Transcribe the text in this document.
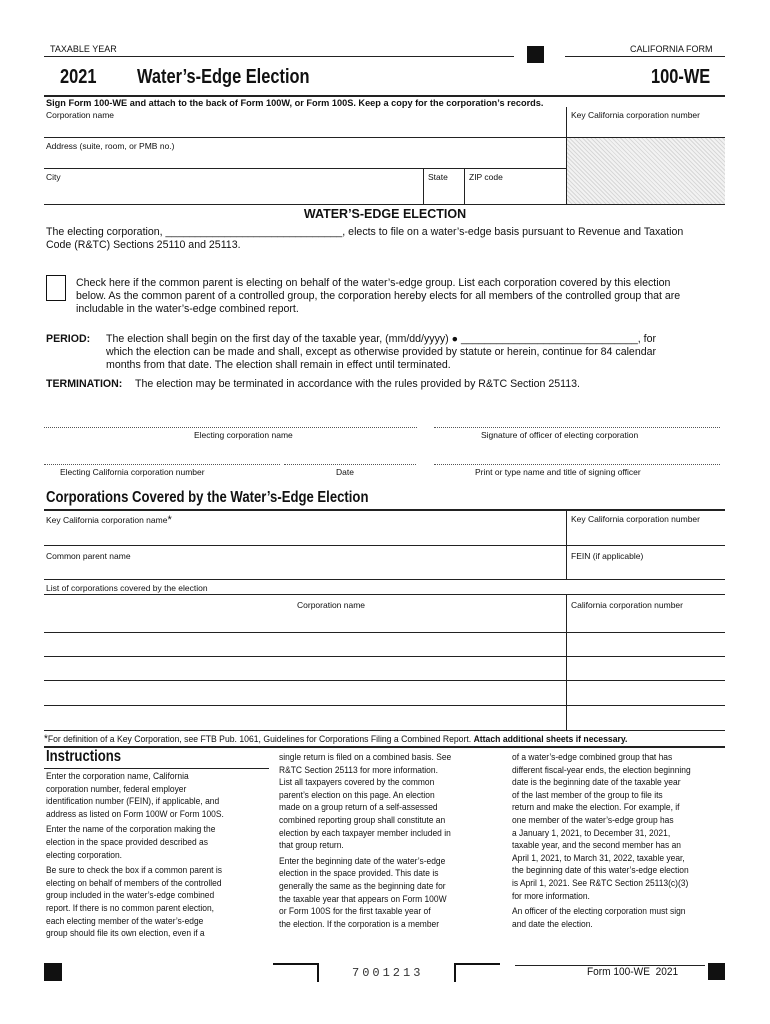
TAXABLE YEAR	CALIFORNIA FORM
2021 Water’s-Edge Election	100-WE
Sign Form 100-WE and attach to the back of Form 100W, or Form 100S. Keep a copy for the corporation’s records.
Corporation name	Key California corporation number
Address (suite, room, or PMB no.)
City	State ZIP code
WATER’S-EDGE ELECTION
The electing corporation, ______________________________, elects to file on a water’s-edge basis pursuant to Revenue and Taxation
Code (R&TC) Sections 25110 and 25113.
Check here if the common parent is electing on behalf of the water’s-edge group. List each corporation covered by this election
below. As the common parent of a controlled group, the corporation hereby elects for all members of the controlled group that are
includable in the water’s-edge combined report.
PERIOD: The election shall begin on the first day of the taxable year, (mm/dd/yyyy) ● ______________________________, for
which the election can be made and shall, except as otherwise provided by statute or herein, continue for 84 calendar
months from that date. The election shall remain in effect until terminated.
TERMINATION: The election may be terminated in accordance with the rules provided by R&TC Section 25113.
Electing corporation name	Signature of officer of electing corporation
Electing California corporation number	Date	Print or type name and title of signing officer
Corporations Covered by the Water’s-Edge Election
Key California corporation name*	Key California corporation number
Common parent name	FEIN (if applicable)
List of corporations covered by the election
Corporation name	California corporation number
*For definition of a Key Corporation, see FTB Pub. 1061, Guidelines for Corporations Filing a Combined Report. Attach additional sheets if necessary.
Instructions
Enter the corporation name, California
corporation number, federal employer
identification number (FEIN), if applicable, and
address as listed on Form 100W or Form 100S.
Enter the name of the corporation making the
election in the space provided described as
electing corporation.
Be sure to check the box if a common parent is
electing on behalf of members of the controlled
group included in the water’s-edge combined
report. If there is no common parent election,
each electing member of the water’s-edge
group should file its own election, even if a
single return is filed on a combined basis. See
R&TC Section 25113 for more information.
List all taxpayers covered by the common
parent’s election on this page. An election
made on a group return of a self-assessed
combined reporting group shall constitute an
election by each taxpayer member included in
that group return.
Enter the beginning date of the water’s-edge
election in the space provided. This date is
generally the same as the beginning date for
the taxable year that appears on Form 100W
or Form 100S for the first taxable year of
the election. If the corporation is a member
of a water’s-edge combined group that has
different fiscal-year ends, the election beginning
date is the beginning date of the taxable year
of the last member of the group to file its
return and make the election. For example, if
one member of the water’s-edge group has
a January 1, 2021, to December 31, 2021,
taxable year, and the second member has an
April 1, 2021, to March 31, 2022, taxable year,
the beginning date of this water’s-edge election
is April 1, 2021. See R&TC Section 25113(c)(3)
for more information.
An officer of the electing corporation must sign
and date the election.
7001213	Form 100-WE  2021
